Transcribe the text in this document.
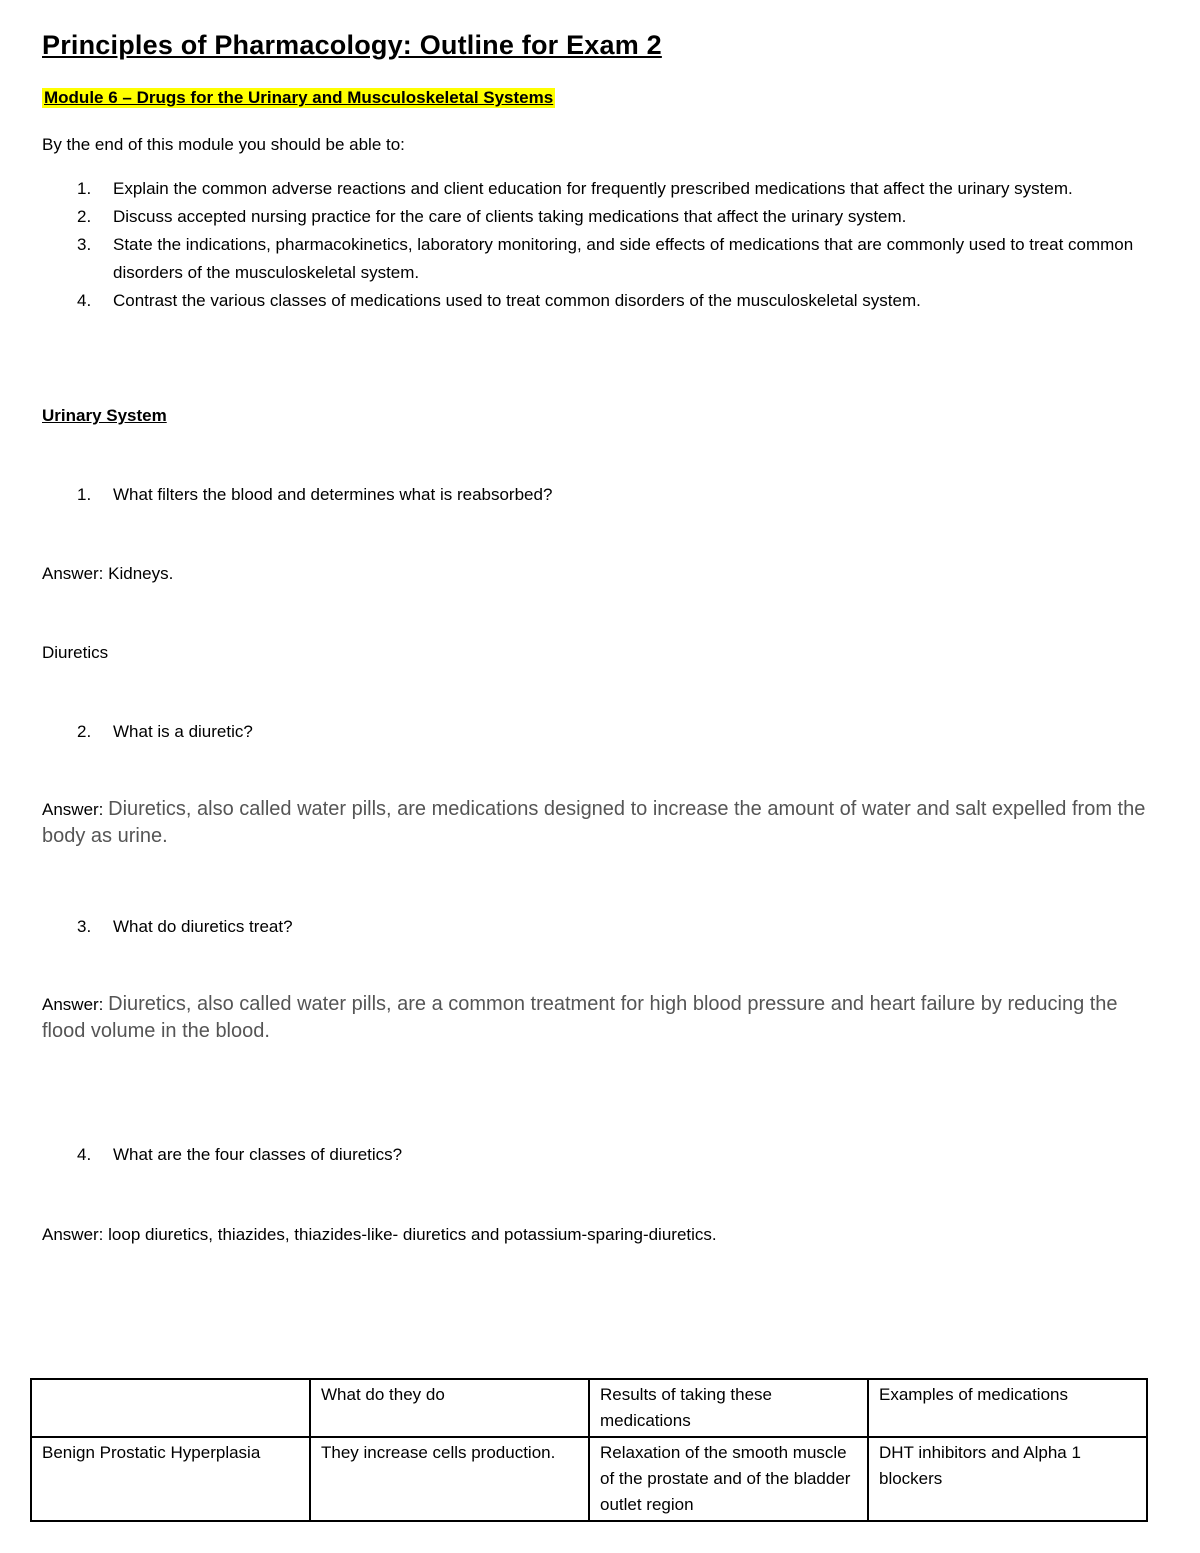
Principles of Pharmacology: Outline for Exam 2
Module 6 – Drugs for the Urinary and Musculoskeletal Systems
By the end of this module you should be able to:
1. Explain the common adverse reactions and client education for frequently prescribed medications that affect the urinary system.
2. Discuss accepted nursing practice for the care of clients taking medications that affect the urinary system.
3. State the indications, pharmacokinetics, laboratory monitoring, and side effects of medications that are commonly used to treat common disorders of the musculoskeletal system.
4. Contrast the various classes of medications used to treat common disorders of the musculoskeletal system.
Urinary System
1. What filters the blood and determines what is reabsorbed?
Answer: Kidneys.
Diuretics
2. What is a diuretic?
Answer: Diuretics, also called water pills, are medications designed to increase the amount of water and salt expelled from the body as urine.
3. What do diuretics treat?
Answer: Diuretics, also called water pills, are a common treatment for high blood pressure and heart failure by reducing the flood volume in the blood.
4. What are the four classes of diuretics?
Answer: loop diuretics, thiazides, thiazides-like- diuretics and potassium-sparing-diuretics.
	What do they do	Results of taking these medications	Examples of medications
Benign Prostatic Hyperplasia	They increase cells production.	Relaxation of the smooth muscle of the prostate and of the bladder outlet region	DHT inhibitors and Alpha 1 blockers
